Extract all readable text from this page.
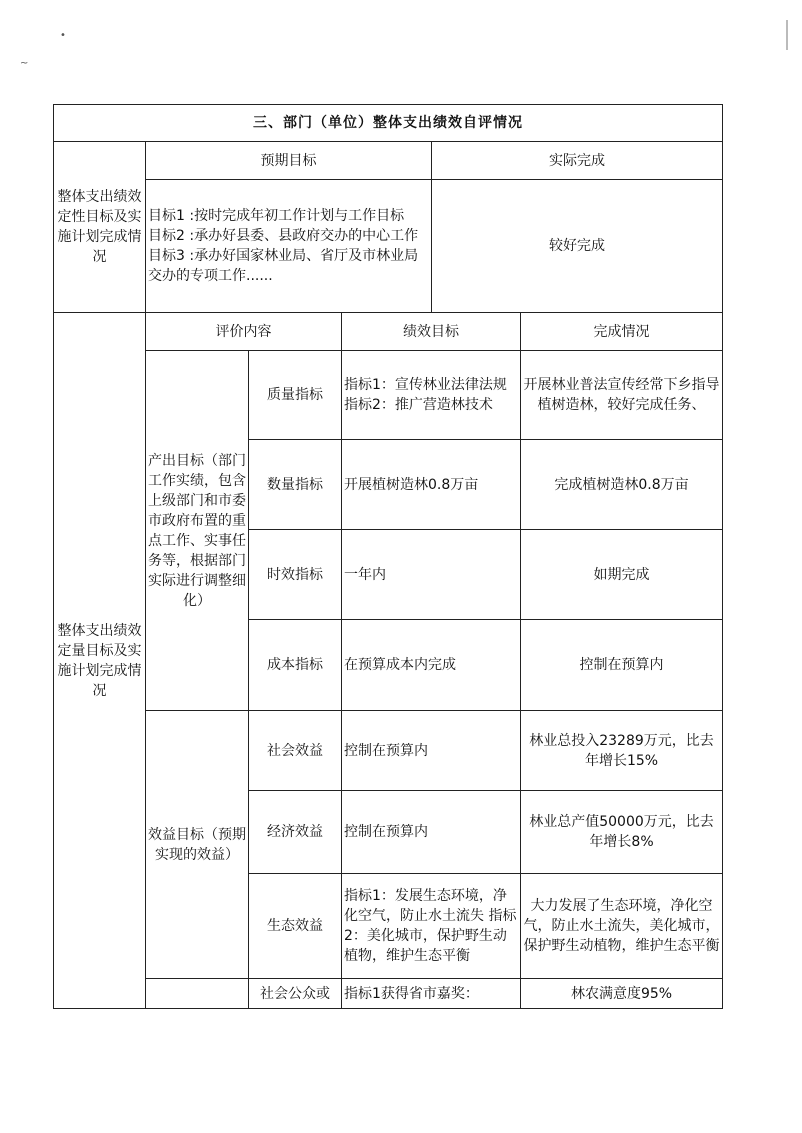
•
~
三、部门（单位）整体支出绩效自评情况					
整体支出绩效定性目标及实施计划完成情况	预期目标			实际完成	

	目标1 :按时完成年初工作计划与工作目标
目标2 :承办好县委、县政府交办的中心工作
目标3 :承办好国家林业局、省厅及市林业局交办的专项工作......			较好完成	
整体支出绩效定量目标及实施计划完成情况	评价内容		绩效目标		完成情况
	产出目标（部门工作实绩，包含上级部门和市委市政府布置的重点工作、实事任务等，根据部门实际进行调整细化）	质量指标	指标1：宣传林业法律法规 指标2：推广营造林技术		开展林业普法宣传经常下乡指导植树造林，较好完成任务、
		数量指标	开展植树造林0.8万亩		完成植树造林0.8万亩
		时效指标	一年内		如期完成
		成本指标	在预算成本内完成		控制在预算内
	效益目标（预期实现的效益）	社会效益	控制在预算内		林业总投入23289万元，比去年增长15%
		经济效益	控制在预算内		林业总产值50000万元，比去年增长8%
		生态效益	指标1：发展生态环境，净化空气，防止水土流失 指标2：美化城市，保护野生动植物，维护生态平衡		大力发展了生态环境，净化空气，防止水土流失，美化城市，保护野生动植物，维护生态平衡
		社会公众或	指标1获得省市嘉奖：		林农满意度95%
